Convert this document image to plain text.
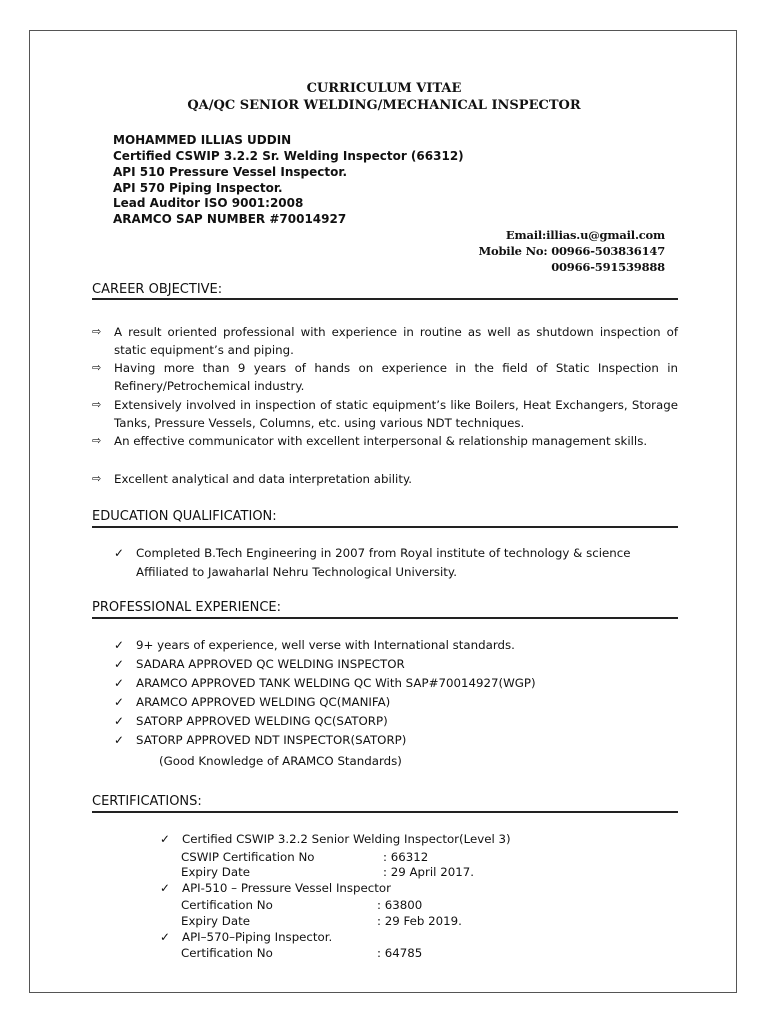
CURRICULUM VITAE
QA/QC SENIOR WELDING/MECHANICAL INSPECTOR
MOHAMMED ILLIAS UDDIN
Certified CSWIP 3.2.2 Sr. Welding Inspector (66312)
API 510 Pressure Vessel Inspector.
API 570 Piping Inspector.
Lead Auditor ISO 9001:2008
ARAMCO SAP NUMBER #70014927
Email:illias.u@gmail.com
Mobile No: 00966-503836147
00966-591539888
CAREER OBJECTIVE:
⇨ A result oriented professional with experience in routine as well as shutdown inspection of static equipment’s and piping.
⇨ Having more than 9 years of hands on experience in the field of Static Inspection in Refinery/Petrochemical industry.
⇨ Extensively involved in inspection of static equipment’s like Boilers, Heat Exchangers, Storage Tanks, Pressure Vessels, Columns, etc. using various NDT techniques.
⇨ An effective communicator with excellent interpersonal & relationship management skills.
⇨ Excellent analytical and data interpretation ability.
EDUCATION QUALIFICATION:
✓ Completed B.Tech Engineering in 2007 from Royal institute of technology & science
Affiliated to Jawaharlal Nehru Technological University.
PROFESSIONAL EXPERIENCE:
✓ 9+ years of experience, well verse with International standards.
✓ SADARA APPROVED QC WELDING INSPECTOR
✓ ARAMCO APPROVED TANK WELDING QC With SAP#70014927(WGP)
✓ ARAMCO APPROVED WELDING QC(MANIFA)
✓ SATORP APPROVED WELDING QC(SATORP)
✓ SATORP APPROVED NDT INSPECTOR(SATORP)
(Good Knowledge of ARAMCO Standards)
CERTIFICATIONS:
✓ Certified CSWIP 3.2.2 Senior Welding Inspector(Level 3)
CSWIP Certification No	: 66312
Expiry Date	: 29 April 2017.
✓ API-510 – Pressure Vessel Inspector
Certification No	: 63800
Expiry Date	: 29 Feb 2019.
✓ API–570–Piping Inspector.
Certification No	: 64785
